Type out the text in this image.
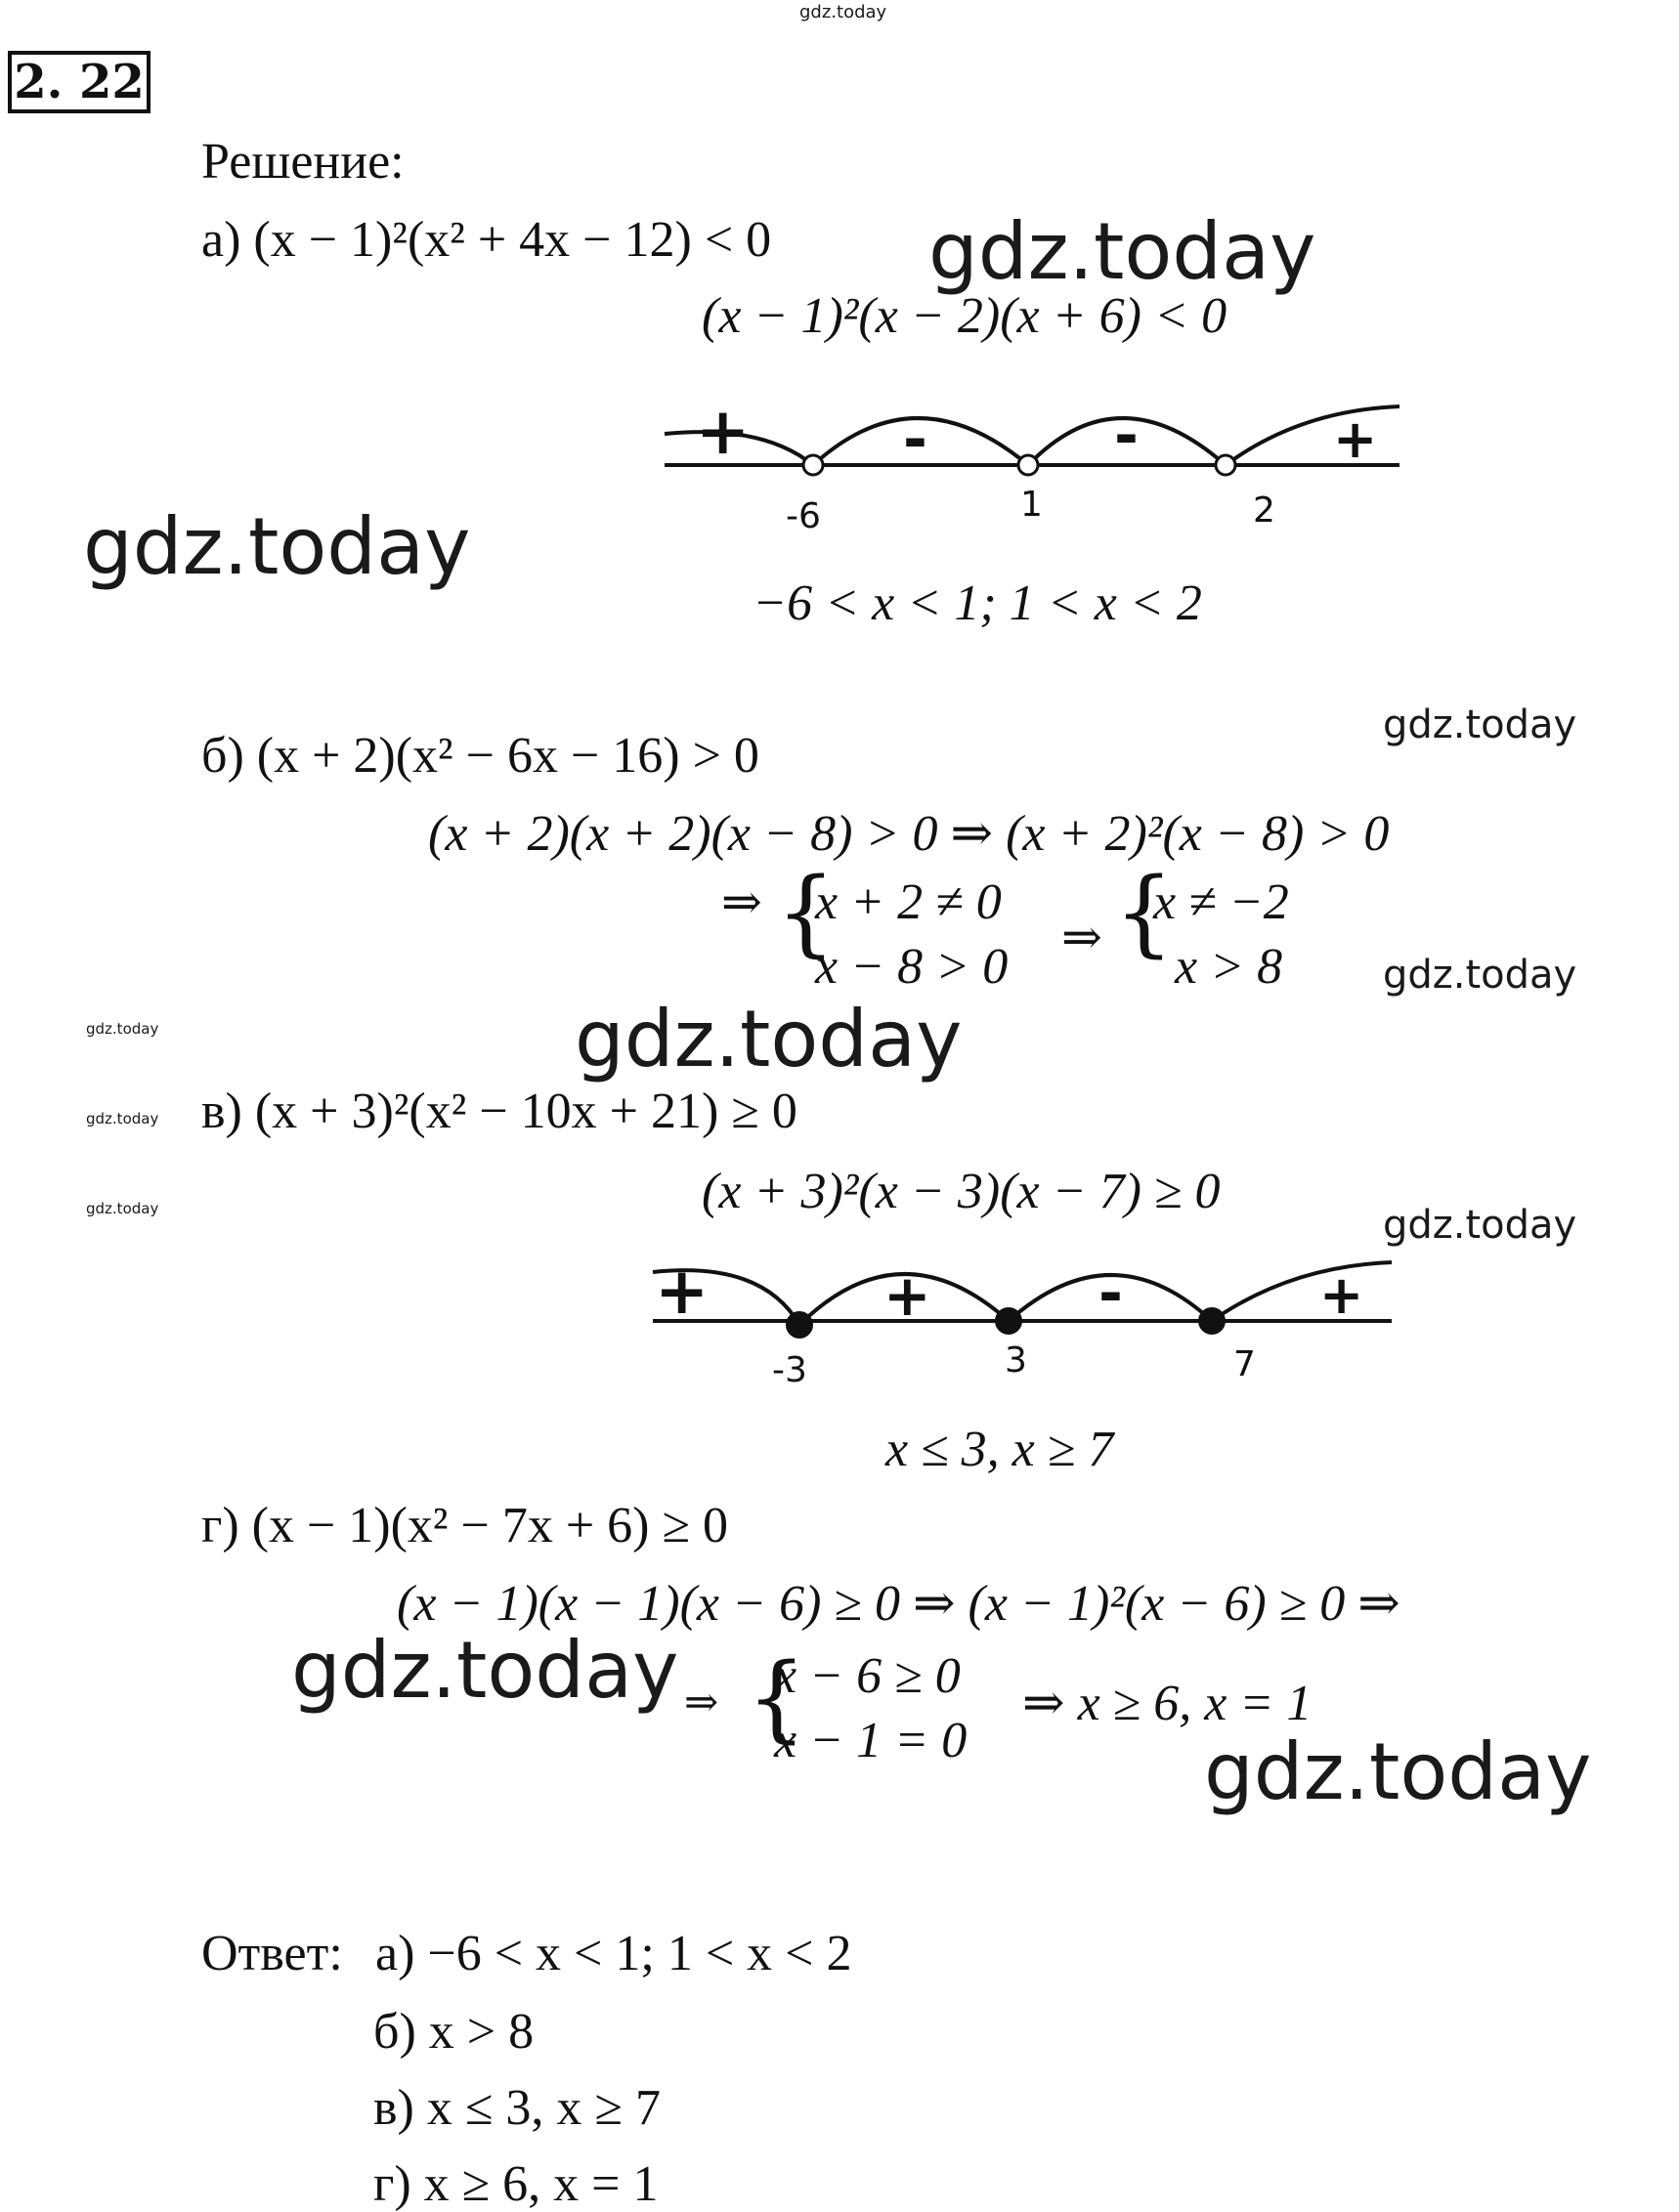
gdz.today
gdz.today
gdz.today
gdz.today
gdz.today
gdz.today
gdz.today
gdz.today
gdz.today
gdz.today
gdz.today
gdz.today
2. 22
Решение:
а) (x − 1)²(x² + 4x − 12) < 0
(x − 1)²(x − 2)(x + 6) < 0
+	-	-	+
-6	1	2
+	+	-	+
-3	3	7
−6 < x < 1; 1 < x < 2
б) (x + 2)(x² − 6x − 16) > 0
(x + 2)(x + 2)(x − 8) > 0 ⇒ (x + 2)²(x − 8) > 0
⇒ {
x + 2 ≠ 0
x − 8 > 0
⇒ {
x ≠ −2
x > 8
в) (x + 3)²(x² − 10x + 21) ≥ 0
(x + 3)²(x − 3)(x − 7) ≥ 0
x ≤ 3, x ≥ 7
г) (x − 1)(x² − 7x + 6) ≥ 0
(x − 1)(x − 1)(x − 6) ≥ 0 ⇒ (x − 1)²(x − 6) ≥ 0 ⇒
⇒ {
x − 6 ≥ 0
x − 1 = 0
⇒ x ≥ 6, x = 1
Ответ: а) −6 < x < 1; 1 < x < 2
б) x > 8
в) x ≤ 3, x ≥ 7
г) x ≥ 6, x = 1
